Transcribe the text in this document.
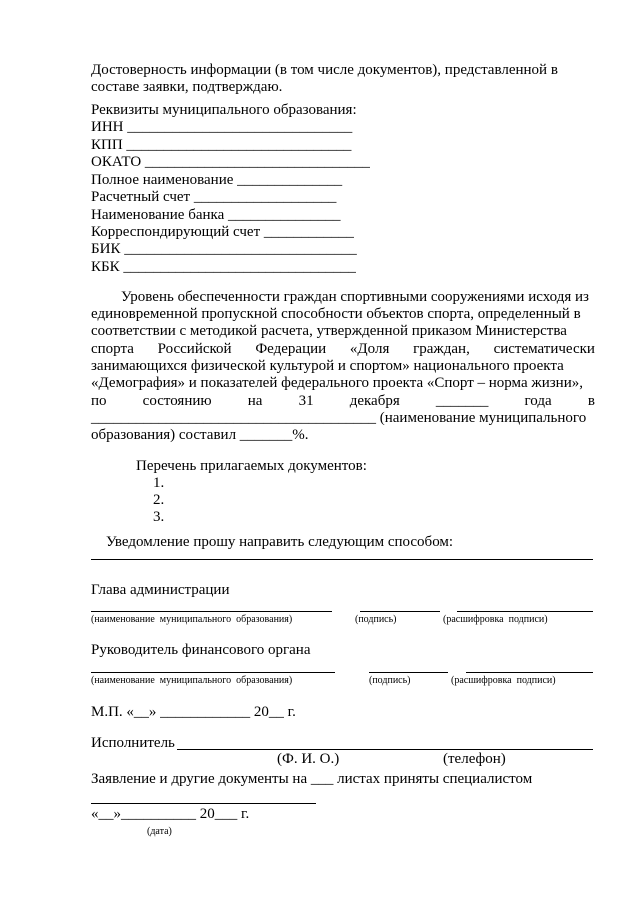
Достоверность информации (в том числе документов), представленной в
составе заявки, подтверждаю.
Реквизиты муниципального образования:
ИНН ______________________________
КПП ______________________________
ОКАТО ______________________________
Полное наименование ______________
Расчетный счет ___________________
Наименование банка _______________
Корреспондирующий счет ____________
БИК _______________________________
КБК _______________________________
Уровень обеспеченности граждан спортивными сооружениями исходя из
единовременной пропускной способности объектов спорта, определенный в
соответствии с методикой расчета, утвержденной приказом Министерства
спорта Российской Федерации «Доля граждан, систематически
занимающихся физической культурой и спортом» национального проекта
«Демография» и показателей федерального проекта «Спорт – норма жизни»,
по состоянию на 31 декабря _______ года в
______________________________________ (наименование муниципального
образования) составил _______%.
Перечень прилагаемых документов:
1.
2.
3.
Уведомление прошу направить следующим способом:
Глава администрации
(наименование  муниципального  образования)	(подпись)	(расшифровка  подписи)
Руководитель финансового органа
(наименование  муниципального  образования)	(подпись)	(расшифровка  подписи)
М.П. «__» ____________ 20__ г.
Исполнитель
(Ф. И. О.)	(телефон)
Заявление и другие документы на ___ листах приняты специалистом
«__»__________ 20___ г.
(дата)
